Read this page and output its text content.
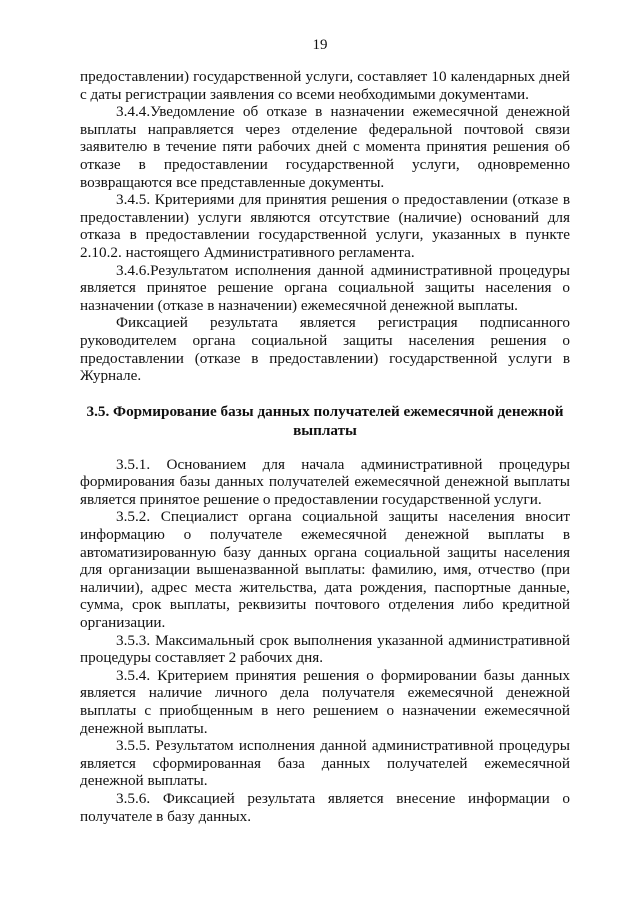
19

предоставлении) государственной услуги, составляет 10 календарных дней с даты регистрации заявления со всеми необходимыми документами.

3.4.4.Уведомление об отказе в назначении ежемесячной денежной выплаты направляется через отделение федеральной почтовой связи заявителю в течение пяти рабочих дней с момента принятия решения об отказе в предоставлении государственной услуги, одновременно возвращаются все представленные документы.

3.4.5. Критериями для принятия решения о предоставлении (отказе в предоставлении) услуги являются отсутствие (наличие) оснований для отказа в предоставлении государственной услуги, указанных в пункте 2.10.2. настоящего Административного регламента.

3.4.6.Результатом исполнения данной административной процедуры является принятое решение органа социальной защиты населения о назначении (отказе в назначении) ежемесячной денежной выплаты.

Фиксацией результата является регистрация подписанного руководителем органа социальной защиты населения решения о предоставлении (отказе в предоставлении) государственной услуги в Журнале.

3.5. Формирование базы данных получателей ежемесячной денежной выплаты

3.5.1. Основанием для начала административной процедуры формирования базы данных получателей ежемесячной денежной выплаты является принятое решение о предоставлении государственной услуги.

3.5.2. Специалист органа социальной защиты населения вносит информацию о получателе ежемесячной денежной выплаты в автоматизированную базу данных органа социальной защиты населения для организации вышеназванной выплаты: фамилию, имя, отчество (при наличии), адрес места жительства, дата рождения, паспортные данные, сумма, срок выплаты, реквизиты почтового отделения либо кредитной организации.

3.5.3. Максимальный срок выполнения указанной административной процедуры составляет 2 рабочих дня.

3.5.4. Критерием принятия решения о формировании базы данных является наличие личного дела получателя ежемесячной денежной выплаты с приобщенным в него решением о назначении ежемесячной денежной выплаты.

3.5.5. Результатом исполнения данной административной процедуры является сформированная база данных получателей ежемесячной денежной выплаты.

3.5.6. Фиксацией результата является внесение информации о получателе в базу данных.
